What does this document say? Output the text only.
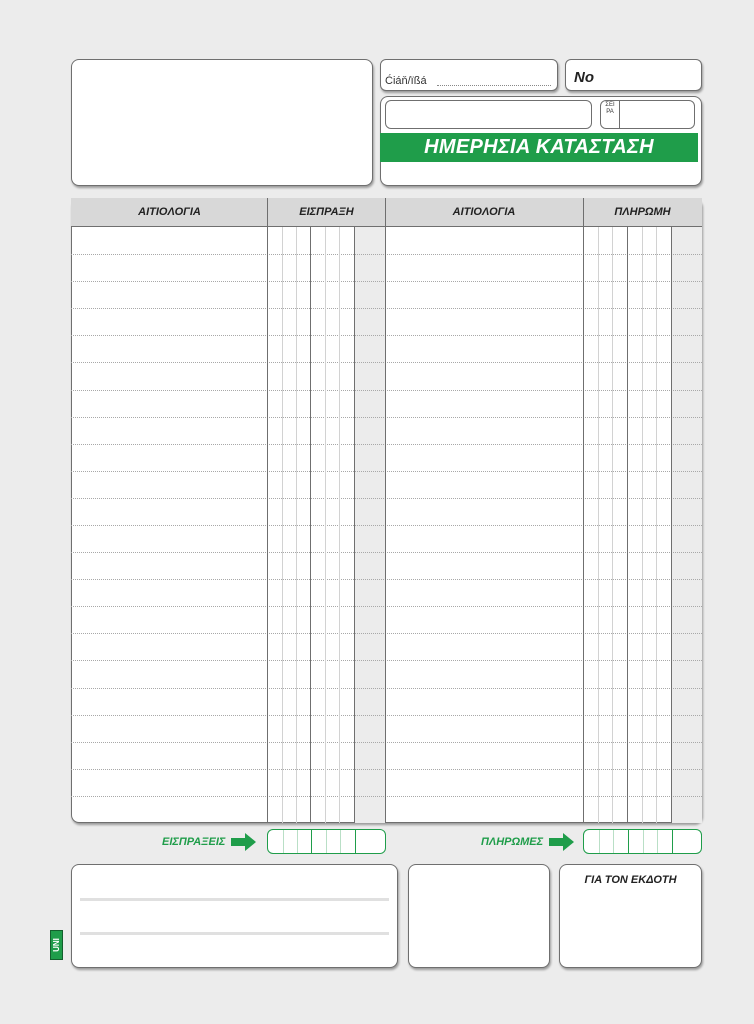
Ćiáň/ïßá	No
ΣΕΙΡΑ
ΗΜΕΡΗΣΙΑ ΚΑΤΑΣΤΑΣΗ
ΑΙΤΙΟΛΟΓΙΑ	ΕΙΣΠΡΑΞΗ	ΑΙΤΙΟΛΟΓΙΑ	ΠΛΗΡΩΜΗ
ΕΙΣΠΡΑΞΕΙΣ	ΠΛΗΡΩΜΕΣ
ΓΙΑ ΤΟΝ ΕΚΔΟΤΗ
UNI
